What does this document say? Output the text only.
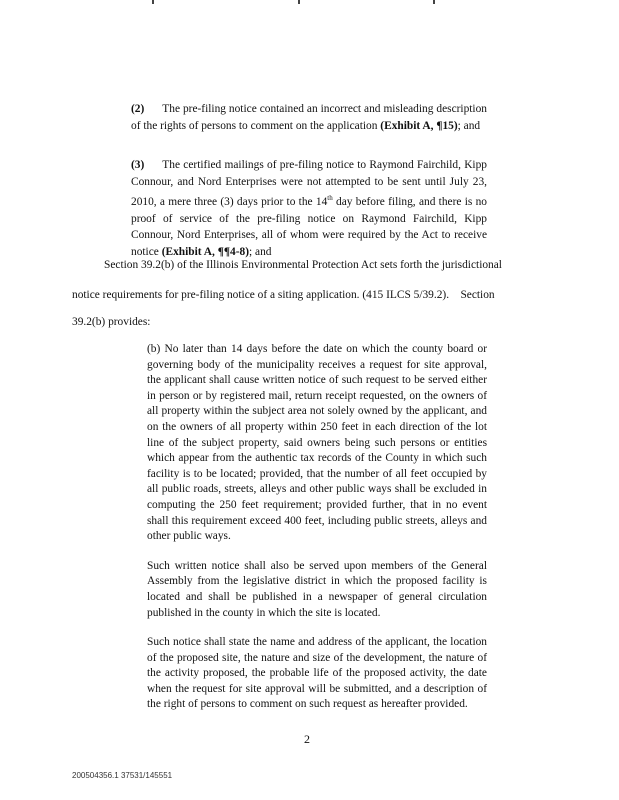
(2) The pre-filing notice contained an incorrect and misleading description of the rights of persons to comment on the application (Exhibit A, ¶15); and
(3) The certified mailings of pre-filing notice to Raymond Fairchild, Kipp Connour, and Nord Enterprises were not attempted to be sent until July 23, 2010, a mere three (3) days prior to the 14th day before filing, and there is no proof of service of the pre-filing notice on Raymond Fairchild, Kipp Connour, Nord Enterprises, all of whom were required by the Act to receive notice (Exhibit A, ¶¶4-8); and
Section 39.2(b) of the Illinois Environmental Protection Act sets forth the jurisdictional
notice requirements for pre-filing notice of a siting application. (415 ILCS 5/39.2).    Section
39.2(b) provides:

(b) No later than 14 days before the date on which the county board or governing body of the municipality receives a request for site approval, the applicant shall cause written notice of such request to be served either in person or by registered mail, return receipt requested, on the owners of all property within the subject area not solely owned by the applicant, and on the owners of all property within 250 feet in each direction of the lot line of the subject property, said owners being such persons or entities which appear from the authentic tax records of the County in which such facility is to be located; provided, that the number of all feet occupied by all public roads, streets, alleys and other public ways shall be excluded in computing the 250 feet requirement; provided further, that in no event shall this requirement exceed 400 feet, including public streets, alleys and other public ways.

Such written notice shall also be served upon members of the General Assembly from the legislative district in which the proposed facility is located and shall be published in a newspaper of general circulation published in the county in which the site is located.

Such notice shall state the name and address of the applicant, the location of the proposed site, the nature and size of the development, the nature of the activity proposed, the probable life of the proposed activity, the date when the request for site approval will be submitted, and a description of the right of persons to comment on such request as hereafter provided.

2
200504356.1 37531/145551
